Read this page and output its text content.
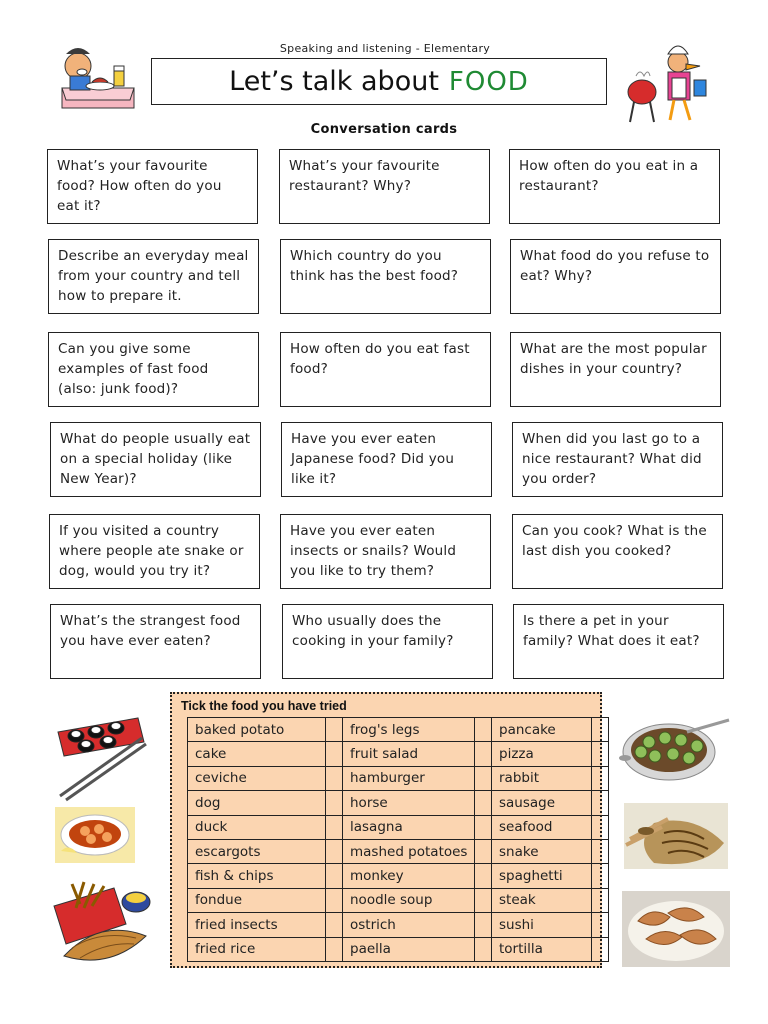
Speaking and listening - Elementary
Let’s talk about FOOD
Conversation cards
What’s your favourite food? How often do you eat it?
What’s your favourite restaurant? Why?
How often do you eat in a restaurant?
Describe an everyday meal from your country and tell how to prepare it.
Which country do you think has the best food?
What food do you refuse to eat? Why?
Can you give some examples of fast food (also: junk food)?
How often do you eat fast food?
What are the most popular dishes in your country?
What do people usually eat on a special holiday (like New Year)?
Have you ever eaten Japanese food? Did you like it?
When did you last go to a nice restaurant? What did you order?
If you visited a country where people ate snake or dog, would you try it?
Have you ever eaten insects or snails? Would you like to try them?
Can you cook? What is the last dish you cooked?
What’s the strangest food you have ever eaten?
Who usually does the cooking in your family?
Is there a pet in your family? What does it eat?
Tick the food you have tried
baked potato		frog's legs		pancake	
cake		fruit salad		pizza	
ceviche		hamburger		rabbit	
dog		horse		sausage	
duck		lasagna		seafood	
escargots		mashed potatoes		snake	
fish & chips		monkey		spaghetti	
fondue		noodle soup		steak	
fried insects		ostrich		sushi	
fried rice		paella		tortilla	
